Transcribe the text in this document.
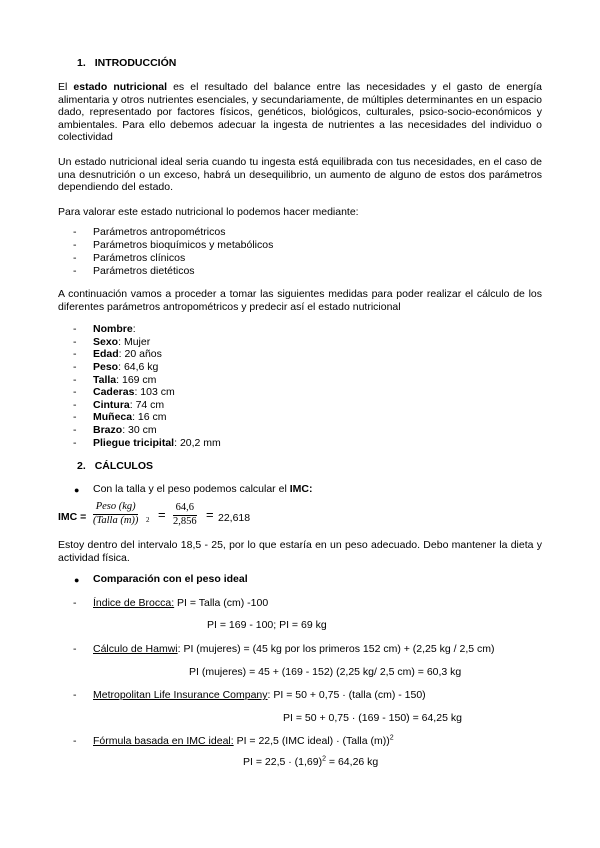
1. INTRODUCCIÓN
El estado nutricional es el resultado del balance entre las necesidades y el gasto de energía alimentaria y otros nutrientes esenciales, y secundariamente, de múltiples determinantes en un espacio dado, representado por factores físicos, genéticos, biológicos, culturales, psico-socio-económicos y ambientales. Para ello debemos adecuar la ingesta de nutrientes a las necesidades del individuo o colectividad
Un estado nutricional ideal seria cuando tu ingesta está equilibrada con tus necesidades, en el caso de una desnutrición o un exceso, habrá un desequilibrio, un aumento de alguno de estos dos parámetros dependiendo del estado.
Para valorar este estado nutricional lo podemos hacer mediante:
- Parámetros antropométricos
- Parámetros bioquímicos y metabólicos
- Parámetros clínicos
- Parámetros dietéticos
A continuación vamos a proceder a tomar las siguientes medidas para poder realizar el cálculo de los diferentes parámetros antropométricos y predecir así el estado nutricional
- Nombre:
- Sexo: Mujer
- Edad: 20 años
- Peso: 64,6 kg
- Talla: 169 cm
- Caderas: 103 cm
- Cintura: 74 cm
- Muñeca: 16 cm
- Brazo: 30 cm
- Pliegue tricipital: 20,2 mm
2. CÁLCULOS
● Con la talla y el peso podemos calcular el IMC:
IMC =
Peso (kg)
(Talla (m)) 2 = 64,6
2,856 = 22,618
Estoy dentro del intervalo 18,5 - 25, por lo que estaría en un peso adecuado. Debo mantener la dieta y actividad física.
● Comparación con el peso ideal
- Índice de Brocca: PI = Talla (cm) -100
PI = 169 - 100; PI = 69 kg
- Cálculo de Hamwi: PI (mujeres) = (45 kg por los primeros 152 cm) + (2,25 kg / 2,5 cm)
PI (mujeres) = 45 + (169 - 152) (2,25 kg/ 2,5 cm) = 60,3 kg
- Metropolitan Life Insurance Company: PI = 50 + 0,75 · (talla (cm) - 150)
PI = 50 + 0,75 · (169 - 150) = 64,25 kg
- Fórmula basada en IMC ideal: PI = 22,5 (IMC ideal) · (Talla (m))$^2$
PI = $22,5 \cdot (1,69)^2 = 64,26$ kg
